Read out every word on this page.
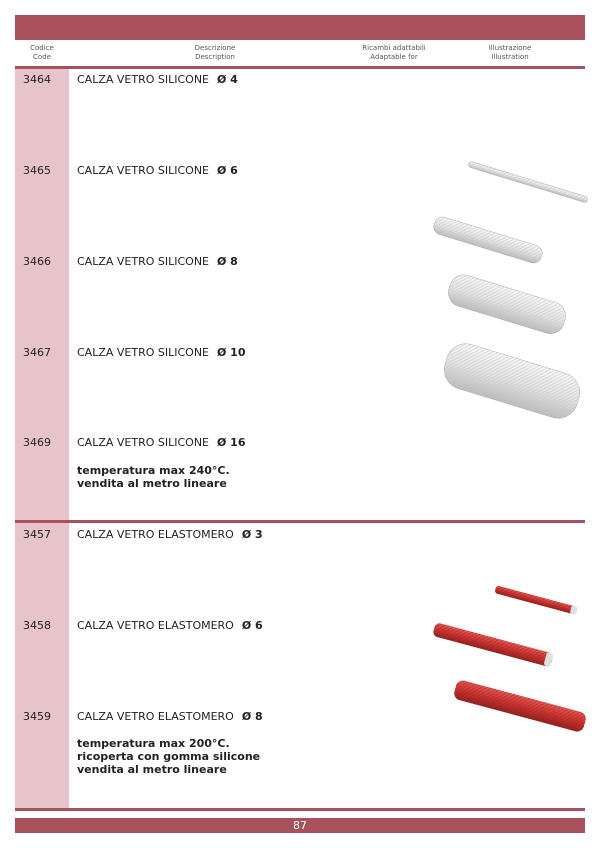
Codice
Code
Descrizione
Description
Ricambi adattabili
Adaptable for
Illustrazione
Illustration
3464 CALZA VETRO SILICONE Ø 4
3465 CALZA VETRO SILICONE Ø 6
3466 CALZA VETRO SILICONE Ø 8
3467 CALZA VETRO SILICONE Ø 10
3469 CALZA VETRO SILICONE Ø 16
temperatura max 240°C.
vendita al metro lineare
3457 CALZA VETRO ELASTOMERO Ø 3
3458 CALZA VETRO ELASTOMERO Ø 6
3459 CALZA VETRO ELASTOMERO Ø 8
temperatura max 200°C.
ricoperta con gomma silicone
vendita al metro lineare
87
